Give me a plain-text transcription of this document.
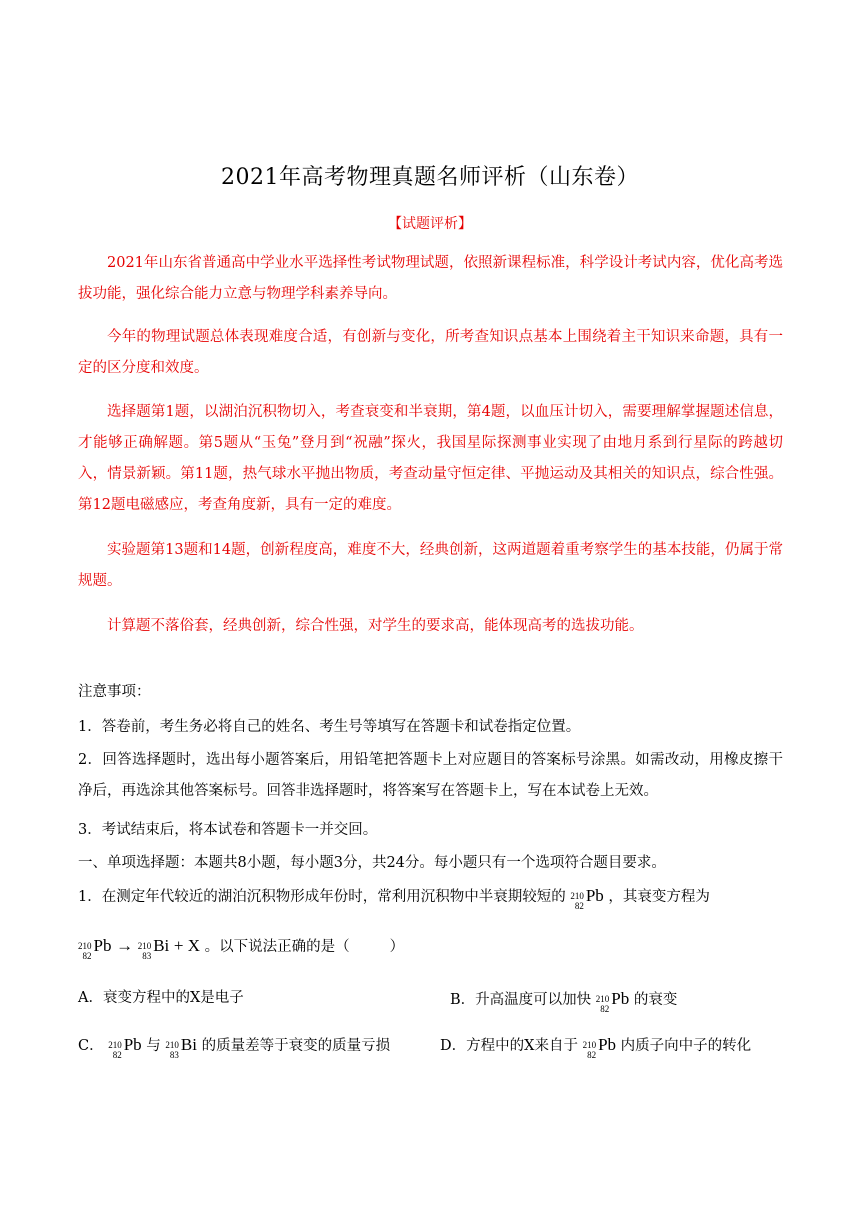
2021年高考物理真题名师评析（山东卷）
【试题评析】

2021年山东省普通高中学业水平选择性考试物理试题，依照新课程标准，科学设计考试内容，优化高考选拔功能，强化综合能力立意与物理学科素养导向。

今年的物理试题总体表现难度合适，有创新与变化，所考查知识点基本上围绕着主干知识来命题，具有一定的区分度和效度。

选择题第1题，以湖泊沉积物切入，考查衰变和半衰期，第4题，以血压计切入，需要理解掌握题述信息，才能够正确解题。第5题从“玉兔”登月到“祝融”探火，我国星际探测事业实现了由地月系到行星际的跨越切入，情景新颖。第11题，热气球水平抛出物质，考查动量守恒定律、平抛运动及其相关的知识点，综合性强。第12题电磁感应，考查角度新，具有一定的难度。

实验题第13题和14题，创新程度高，难度不大，经典创新，这两道题着重考察学生的基本技能，仍属于常规题。

计算题不落俗套，经典创新，综合性强，对学生的要求高，能体现高考的选拔功能。

注意事项：

1．答卷前，考生务必将自己的姓名、考生号等填写在答题卡和试卷指定位置。

2．回答选择题时，选出每小题答案后，用铅笔把答题卡上对应题目的答案标号涂黑。如需改动，用橡皮擦干净后，再选涂其他答案标号。回答非选择题时，将答案写在答题卡上，写在本试卷上无效。

3．考试结束后，将本试卷和答题卡一并交回。

一、单项选择题：本题共8小题，每小题3分，共24分。每小题只有一个选项符合题目要求。

1．在测定年代较近的湖泊沉积物形成年份时，常利用沉积物中半衰期较短的 210
82
Pb ，其衰变方程为
210
82
Pb → 210
83
Bi + X 。以下说法正确的是（	）
A．衰变方程中的X是电子	B．升高温度可以加快 210
82
Pb 的衰变
C． 210
82
Pb 与 210
83
Bi 的质量差等于衰变的质量亏损	D．方程中的X来自于 210
82
Pb 内质子向中子的转化
